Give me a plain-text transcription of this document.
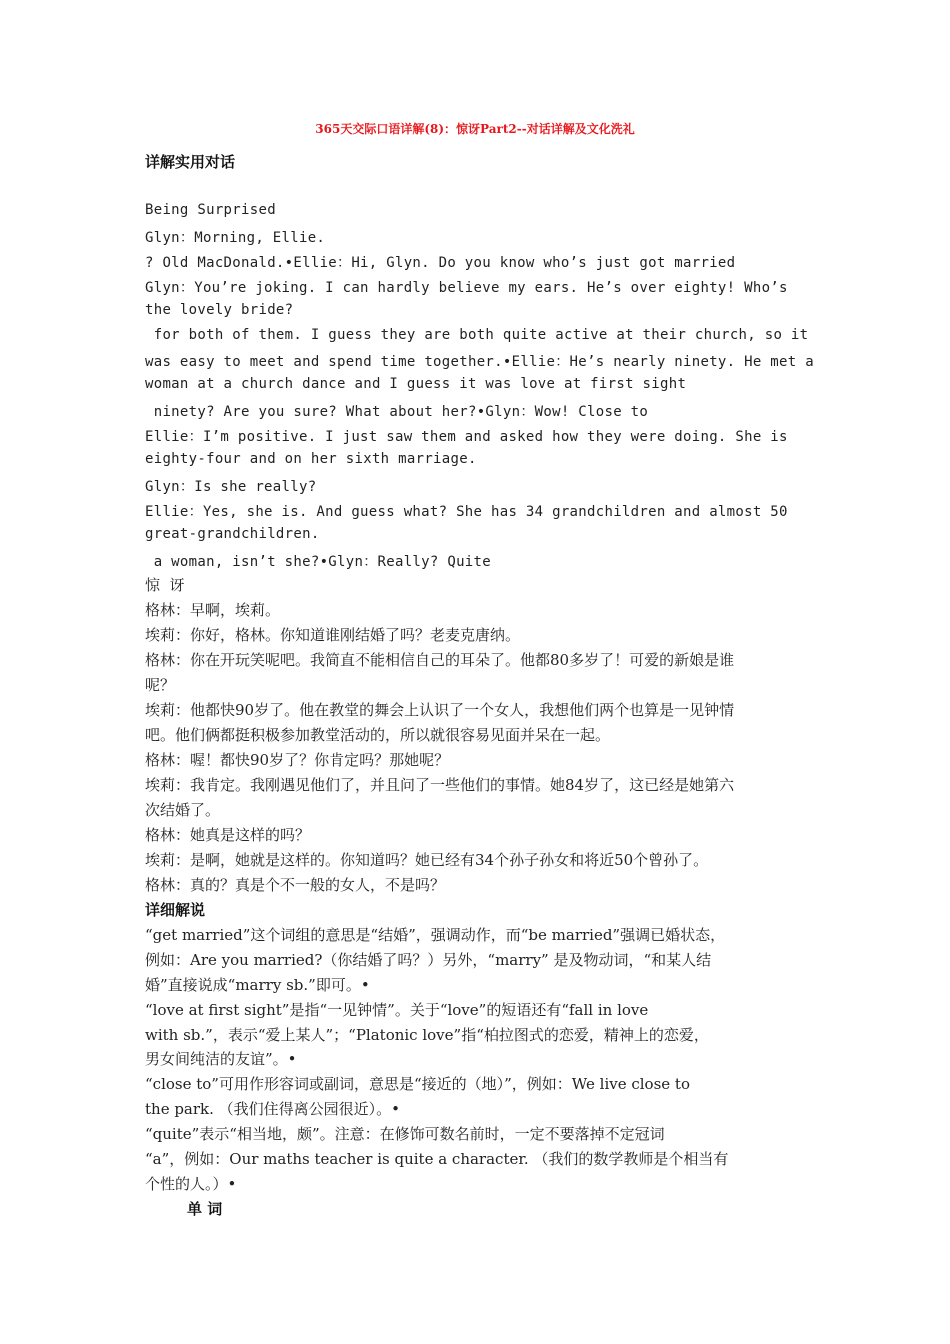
365天交际口语详解(8)：惊讶Part2--对话详解及文化洗礼
详解实用对话
Being Surprised
Glyn：Morning, Ellie.
? Old MacDonald.•Ellie：Hi, Glyn. Do you know who’s just got married
Glyn：You’re joking. I can hardly believe my ears. He’s over eighty! Who’s
the lovely bride?
for both of them. I guess they are both quite active at their church, so it
was easy to meet and spend time together.•Ellie：He’s nearly ninety. He met a
woman at a church dance and I guess it was love at first sight
ninety? Are you sure? What about her?•Glyn：Wow! Close to
Ellie：I’m positive. I just saw them and asked how they were doing. She is
eighty-four and on her sixth marriage.
Glyn：Is she really?
Ellie：Yes, she is. And guess what? She has 34 grandchildren and almost 50
great-grandchildren.
a woman, isn’t she?•Glyn：Really? Quite
惊  讶
格林：早啊，埃莉。
埃莉：你好，格林。你知道谁刚结婚了吗？老麦克唐纳。
格林：你在开玩笑呢吧。我简直不能相信自己的耳朵了。他都80多岁了！可爱的新娘是谁
呢？
埃莉：他都快90岁了。他在教堂的舞会上认识了一个女人，我想他们两个也算是一见钟情
吧。他们俩都挺积极参加教堂活动的，所以就很容易见面并呆在一起。
格林：喔！都快90岁了？你肯定吗？那她呢？
埃莉：我肯定。我刚遇见他们了，并且问了一些他们的事情。她84岁了，这已经是她第六
次结婚了。
格林：她真是这样的吗？
埃莉：是啊，她就是这样的。你知道吗？她已经有34个孙子孙女和将近50个曾孙了。
格林：真的？真是个不一般的女人，不是吗？
详细解说
“get married”这个词组的意思是“结婚”，强调动作，而“be married”强调已婚状态，
例如：Are you married?（你结婚了吗？）另外，“marry” 是及物动词，“和某人结
婚”直接说成“marry sb.”即可。•
“love at first sight”是指“一见钟情”。关于“love”的短语还有“fall in love
with sb.”，表示“爱上某人”；“Platonic love”指“柏拉图式的恋爱，精神上的恋爱，
男女间纯洁的友谊”。•
“close to”可用作形容词或副词，意思是“接近的（地）”，例如：We live close to
the park. （我们住得离公园很近）。•
“quite”表示“相当地，颇”。注意：在修饰可数名前时，一定不要落掉不定冠词
“a”，例如：Our maths teacher is quite a character. （我们的数学教师是个相当有
个性的人。）•
单 词
